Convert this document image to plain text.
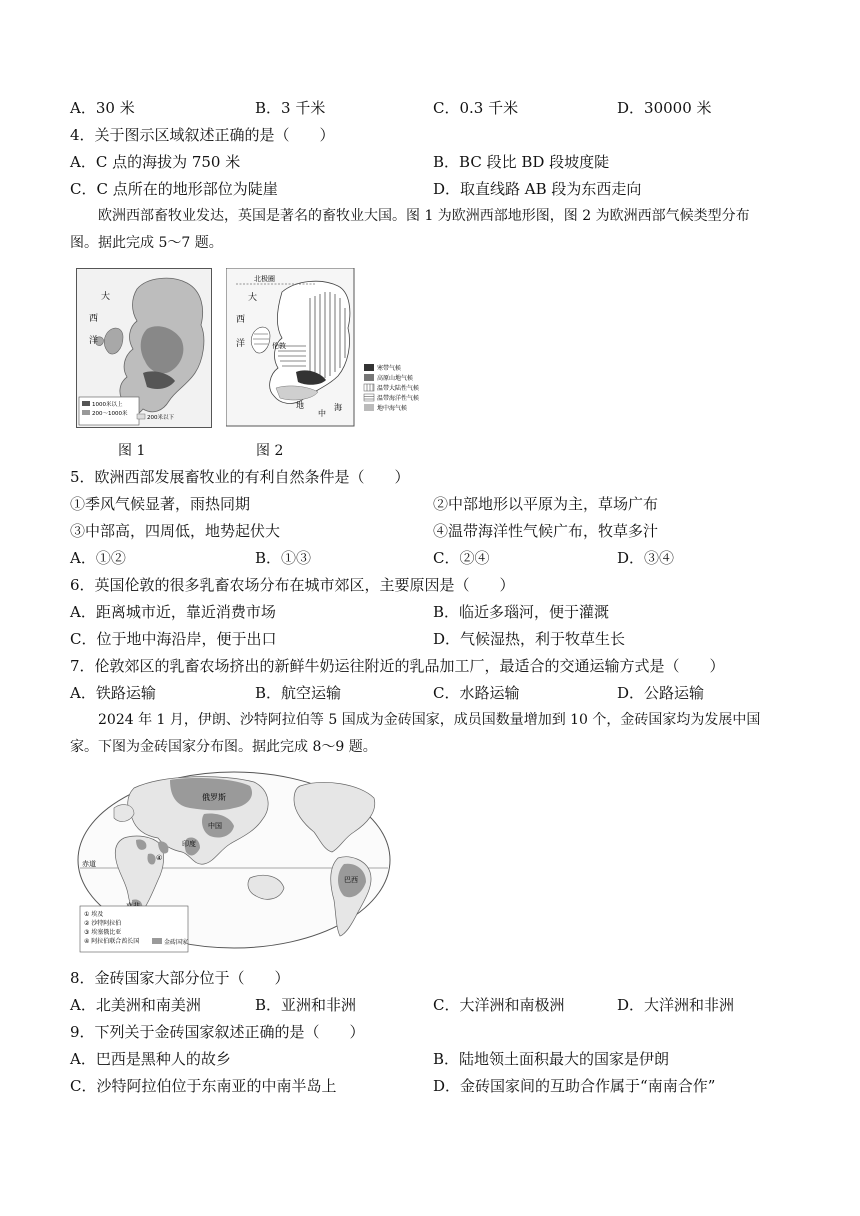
A．30 米	B．3 千米	C．0.3 千米	D．30000 米
4．关于图示区域叙述正确的是（　　）
A．C 点的海拔为 750 米	B．BC 段比 BD 段坡度陡
C．C 点所在的地形部位为陡崖	D．取直线路 AB 段为东西走向
欧洲西部畜牧业发达，英国是著名的畜牧业大国。图 1 为欧洲西部地形图，图 2 为欧洲西部气候类型分布
图。据此完成 5～7 题。
大
西
洋
1000米以上
200～1000米
200米以下
北极圈
大
西
洋	伦敦
地
中
海
寒带气候
高原山地气候
温带大陆性气候
温带海洋性气候
地中海气候
图 1	图 2
5．欧洲西部发展畜牧业的有利自然条件是（　　）
①季风气候显著，雨热同期	②中部地形以平原为主，草场广布
③中部高，四周低，地势起伏大	④温带海洋性气候广布，牧草多汁
A．①②	B．①③	C．②④	D．③④
6．英国伦敦的很多乳畜农场分布在城市郊区，主要原因是（　　）
A．距离城市近，靠近消费市场	B．临近多瑙河，便于灌溉
C．位于地中海沿岸，便于出口	D．气候湿热，利于牧草生长
7．伦敦郊区的乳畜农场挤出的新鲜牛奶运往附近的乳品加工厂，最适合的交通运输方式是（　　）
A．铁路运输	B．航空运输	C．水路运输	D．公路运输
2024 年 1 月，伊朗、沙特阿拉伯等 5 国成为金砖国家，成员国数量增加到 10 个，金砖国家均为发展中国
家。下图为金砖国家分布图。据此完成 8～9 题。
俄罗斯
中国
印度
赤道
巴西
④
① 埃及
② 沙特阿拉伯
③ 埃塞俄比亚
④ 阿拉伯联合酋长国	金砖国家
8．金砖国家大部分位于（　　）
A．北美洲和南美洲	B．亚洲和非洲	C．大洋洲和南极洲	D．大洋洲和非洲
9．下列关于金砖国家叙述正确的是（　　）
A．巴西是黑种人的故乡	B．陆地领土面积最大的国家是伊朗
C．沙特阿拉伯位于东南亚的中南半岛上	D．金砖国家间的互助合作属于“南南合作”
